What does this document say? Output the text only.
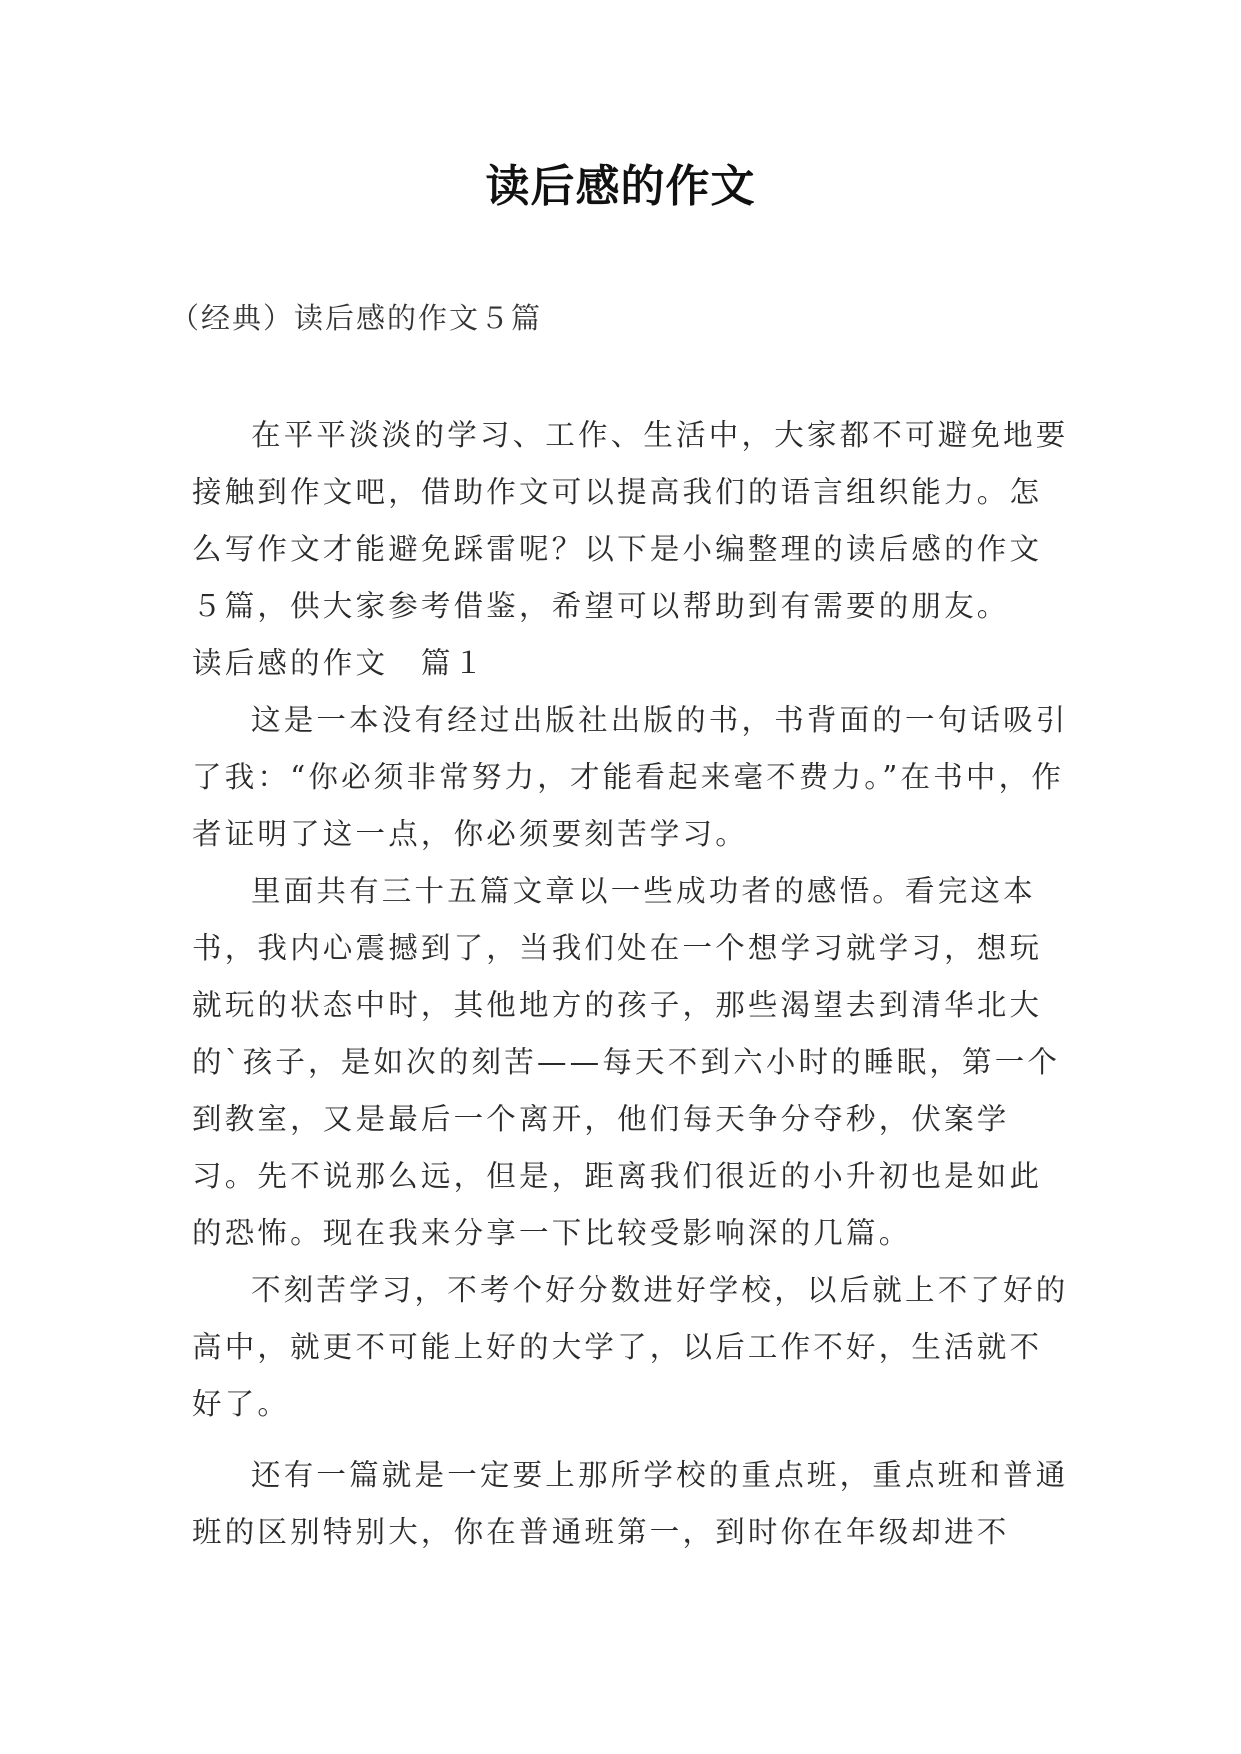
读后感的作文
（经典）读后感的作文５篇

在平平淡淡的学习、工作、生活中，大家都不可避免地要接触到作文吧，借助作文可以提高我们的语言组织能力。怎么写作文才能避免踩雷呢？以下是小编整理的读后感的作文５篇，供大家参考借鉴，希望可以帮助到有需要的朋友。

读后感的作文　篇１

这是一本没有经过出版社出版的书，书背面的一句话吸引了我：“你必须非常努力，才能看起来毫不费力。”在书中，作者证明了这一点，你必须要刻苦学习。

里面共有三十五篇文章以一些成功者的感悟。看完这本书，我内心震撼到了，当我们处在一个想学习就学习，想玩就玩的状态中时，其他地方的孩子，那些渴望去到清华北大的`孩子，是如次的刻苦——每天不到六小时的睡眠，第一个到教室，又是最后一个离开，他们每天争分夺秒，伏案学习。先不说那么远，但是，距离我们很近的小升初也是如此的恐怖。现在我来分享一下比较受影响深的几篇。

不刻苦学习，不考个好分数进好学校，以后就上不了好的高中，就更不可能上好的大学了，以后工作不好，生活就不好了。

还有一篇就是一定要上那所学校的重点班，重点班和普通班的区别特别大，你在普通班第一，到时你在年级却进不
